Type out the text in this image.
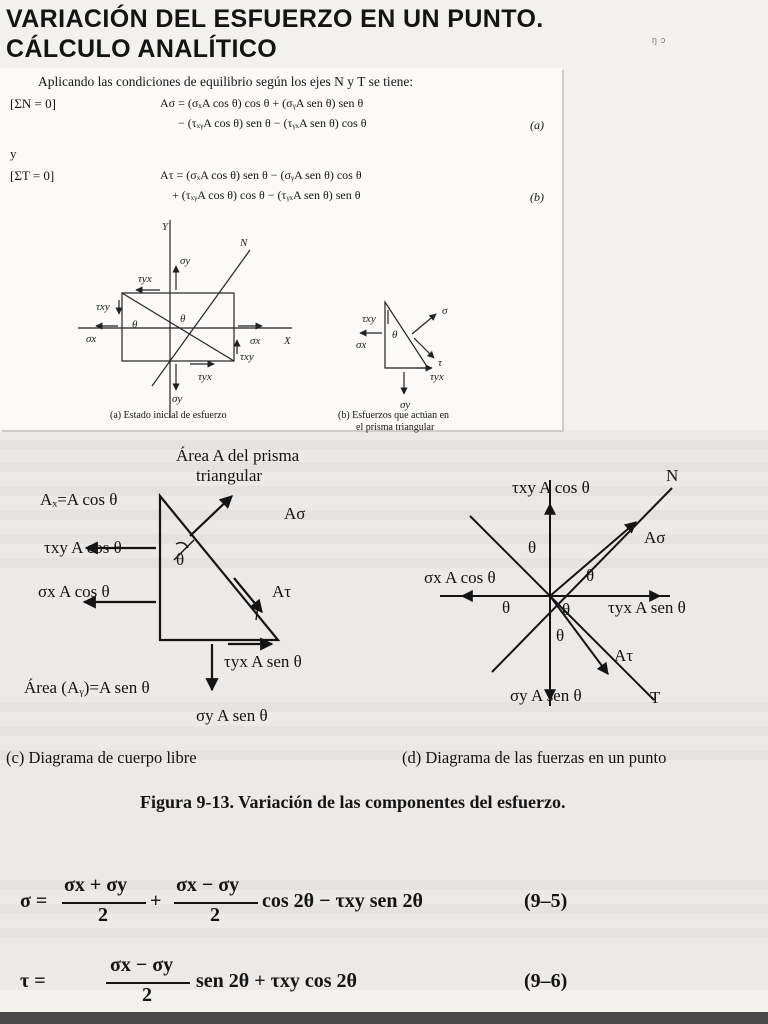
VARIACIÓN DEL ESFUERZO EN UN PUNTO.
CÁLCULO ANALÍTICO	ᵑ ᵓ
Aplicando las condiciones de equilibrio según los ejes N y T se tiene:
[ΣN = 0]	Aσ = (σₓA cos θ) cos θ + (σᵧA sen θ) sen θ
− (τₓᵧA cos θ) sen θ − (τᵧₓA sen θ) cos θ	(a)
y
[ΣT = 0]	Aτ = (σₓA cos θ) sen θ − (σᵧA sen θ) cos θ
+ (τₓᵧA cos θ) cos θ − (τᵧₓA sen θ) sen θ	(b)
Y
N
X
σy
τyx
τxy
σx
θ	θ
σx
τxy
τyx
σy
τxy
σx
θ
σ
τ
τyx
σy
(a) Estado inicial de esfuerzo	(b) Esfuerzos que actúan en
el prisma triangular
Área A del prisma
triangular
Aₓ=A cos θ
τxy A cos θ
σx A cos θ
Aσ
θ
Aτ
τyx A sen θ
Área (Aᵧ)=A sen θ
σy A sen θ
(c) Diagrama de cuerpo libre
N
τxy A cos θ
Aσ
θ
θ
σx A cos θ
θ	θ τyx A sen θ
θ
Aτ
T
σy A sen θ
(d) Diagrama de las fuerzas en un punto
Figura 9-13. Variación de las componentes del esfuerzo.
σ =
σx + σy
2
+
σx − σy
2
cos 2θ − τxy sen 2θ	(9–5)
τ =
σx − σy
2
sen 2θ + τxy cos 2θ	(9–6)
